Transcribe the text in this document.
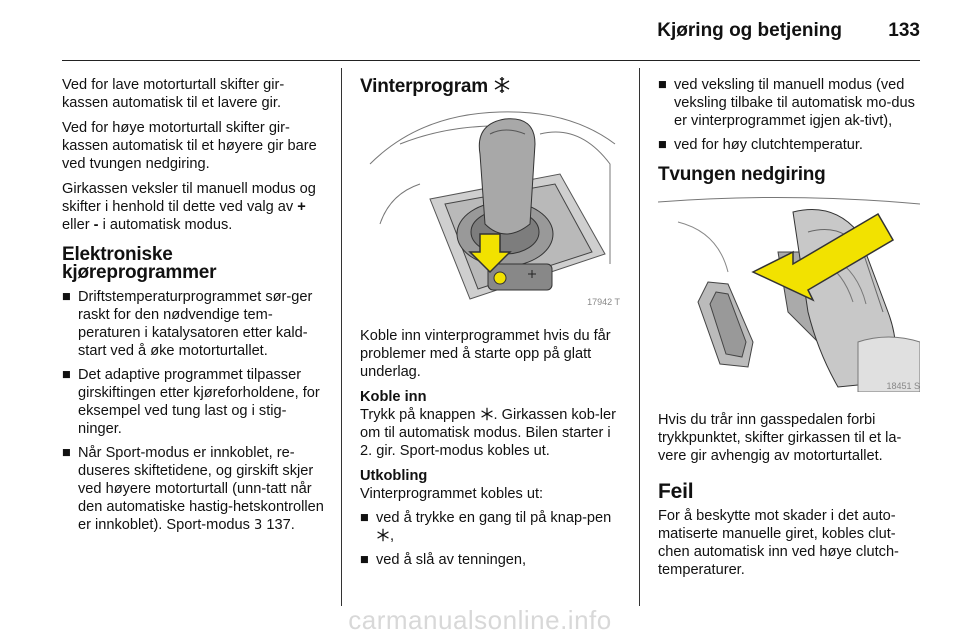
Kjøring og betjening 133

Ved for lave motorturtall skifter gir-kassen automatisk til et lavere gir.

Ved for høye motorturtall skifter gir-kassen automatisk til et høyere gir bare ved tvungen nedgiring.

Girkassen veksler til manuell modus og skifter i henhold til dette ved valg av + eller - i automatisk modus.

Elektroniske kjøreprogrammer
■ Driftstemperaturprogrammet sør-ger raskt for den nødvendige tem-peraturen i katalysatoren etter kald-start ved å øke motorturtallet.
■ Det adaptive programmet tilpasser girskiftingen etter kjøreforholdene, for eksempel ved tung last og i stig-ninger.
■ Når Sport-modus er innkoblet, re-duseres skiftetidene, og girskift skjer ved høyere motorturtall (unn-tatt når den automatiske hastig-hetskontrollen er innkoblet). Sport-modus 3 137.
Vinterprogram
17942 T

Koble inn vinterprogrammet hvis du får problemer med å starte opp på glatt underlag.

Koble inn

Trykk på knappen . Girkassen kob-ler om til automatisk modus. Bilen starter i 2. gir. Sport-modus kobles ut.

Utkobling

Vinterprogrammet kobles ut:

■ ved å trykke en gang til på knap-pen ,
■ ved å slå av tenningen,
■ ved veksling til manuell modus (ved veksling tilbake til automatisk mo-dus er vinterprogrammet igjen ak-tivt),
■ ved for høy clutchtemperatur.
Tvungen nedgiring
18451 S

Hvis du trår inn gasspedalen forbi trykkpunktet, skifter girkassen til et la-vere gir avhengig av motorturtallet.

Feil

For å beskytte mot skader i det auto-matiserte manuelle giret, kobles clut-chen automatisk inn ved høye clutch-temperaturer.

carmanualsonline.info
